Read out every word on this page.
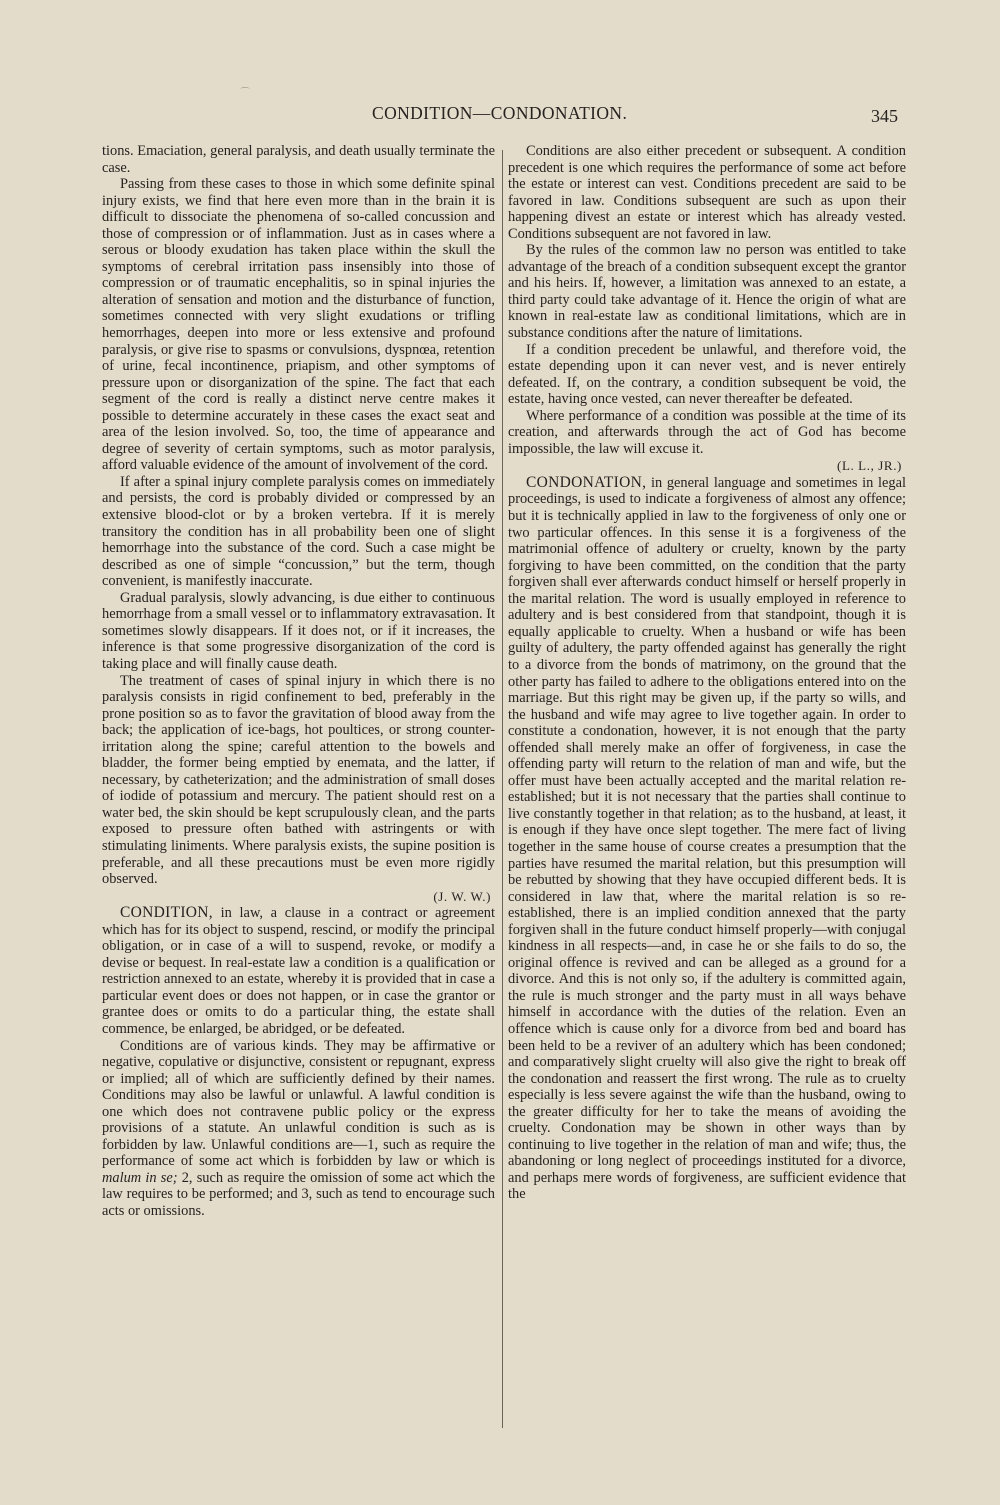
⌒
CONDITION—CONDONATION.	345

tions. Emaciation, general paralysis, and death usually terminate the case.

Passing from these cases to those in which some definite spinal injury exists, we find that here even more than in the brain it is difficult to dissociate the phenomena of so-called concussion and those of compression or of inflammation. Just as in cases where a serous or bloody exudation has taken place within the skull the symptoms of cerebral irritation pass insensibly into those of compression or of traumatic encephalitis, so in spinal injuries the alteration of sensation and motion and the disturbance of function, sometimes connected with very slight exudations or trifling hemorrhages, deepen into more or less extensive and profound paralysis, or give rise to spasms or convulsions, dyspnœa, retention of urine, fecal incontinence, priapism, and other symptoms of pressure upon or disorganization of the spine. The fact that each segment of the cord is really a distinct nerve centre makes it possible to determine accurately in these cases the exact seat and area of the lesion involved. So, too, the time of appearance and degree of severity of certain symptoms, such as motor paralysis, afford valuable evidence of the amount of involvement of the cord.

If after a spinal injury complete paralysis comes on immediately and persists, the cord is probably divided or compressed by an extensive blood-clot or by a broken vertebra. If it is merely transitory the condition has in all probability been one of slight hemorrhage into the substance of the cord. Such a case might be described as one of simple “concussion,” but the term, though convenient, is manifestly inaccurate.

Gradual paralysis, slowly advancing, is due either to continuous hemorrhage from a small vessel or to inflammatory extravasation. It sometimes slowly disappears. If it does not, or if it increases, the inference is that some progressive disorganization of the cord is taking place and will finally cause death.

The treatment of cases of spinal injury in which there is no paralysis consists in rigid confinement to bed, preferably in the prone position so as to favor the gravitation of blood away from the back; the application of ice-bags, hot poultices, or strong counter-irritation along the spine; careful attention to the bowels and bladder, the former being emptied by enemata, and the latter, if necessary, by catheterization; and the administration of small doses of iodide of potassium and mercury. The patient should rest on a water bed, the skin should be kept scrupulously clean, and the parts exposed to pressure often bathed with astringents or with stimulating liniments. Where paralysis exists, the supine position is preferable, and all these precautions must be even more rigidly observed.

(J. W. W.)

CONDITION, in law, a clause in a contract or agreement which has for its object to suspend, rescind, or modify the principal obligation, or in case of a will to suspend, revoke, or modify a devise or bequest. In real-estate law a condition is a qualification or restriction annexed to an estate, whereby it is provided that in case a particular event does or does not happen, or in case the grantor or grantee does or omits to do a particular thing, the estate shall commence, be enlarged, be abridged, or be defeated.

Conditions are of various kinds. They may be affirmative or negative, copulative or disjunctive, consistent or repugnant, express or implied; all of which are sufficiently defined by their names. Conditions may also be lawful or unlawful. A lawful condition is one which does not contravene public policy or the express provisions of a statute. An unlawful condition is such as is forbidden by law. Unlawful conditions are—1, such as require the performance of some act which is forbidden by law or which is malum in se; 2, such as require the omission of some act which the law requires to be performed; and 3, such as tend to encourage such acts or omissions.

Conditions are also either precedent or subsequent. A condition precedent is one which requires the performance of some act before the estate or interest can vest. Conditions precedent are said to be favored in law. Conditions subsequent are such as upon their happening divest an estate or interest which has already vested. Conditions subsequent are not favored in law.

By the rules of the common law no person was entitled to take advantage of the breach of a condition subsequent except the grantor and his heirs. If, however, a limitation was annexed to an estate, a third party could take advantage of it. Hence the origin of what are known in real-estate law as conditional limitations, which are in substance conditions after the nature of limitations.

If a condition precedent be unlawful, and therefore void, the estate depending upon it can never vest, and is never entirely defeated. If, on the contrary, a condition subsequent be void, the estate, having once vested, can never thereafter be defeated.

Where performance of a condition was possible at the time of its creation, and afterwards through the act of God has become impossible, the law will excuse it.

(L. L., JR.)

CONDONATION, in general language and sometimes in legal proceedings, is used to indicate a forgiveness of almost any offence; but it is technically applied in law to the forgiveness of only one or two particular offences. In this sense it is a forgiveness of the matrimonial offence of adultery or cruelty, known by the party forgiving to have been committed, on the condition that the party forgiven shall ever afterwards conduct himself or herself properly in the marital relation. The word is usually employed in reference to adultery and is best considered from that standpoint, though it is equally applicable to cruelty. When a husband or wife has been guilty of adultery, the party offended against has generally the right to a divorce from the bonds of matrimony, on the ground that the other party has failed to adhere to the obligations entered into on the marriage. But this right may be given up, if the party so wills, and the husband and wife may agree to live together again. In order to constitute a condonation, however, it is not enough that the party offended shall merely make an offer of forgiveness, in case the offending party will return to the relation of man and wife, but the offer must have been actually accepted and the marital relation re-established; but it is not necessary that the parties shall continue to live constantly together in that relation; as to the husband, at least, it is enough if they have once slept together. The mere fact of living together in the same house of course creates a presumption that the parties have resumed the marital relation, but this presumption will be rebutted by showing that they have occupied different beds. It is considered in law that, where the marital relation is so re-established, there is an implied condition annexed that the party forgiven shall in the future conduct himself properly—with conjugal kindness in all respects—and, in case he or she fails to do so, the original offence is revived and can be alleged as a ground for a divorce. And this is not only so, if the adultery is committed again, the rule is much stronger and the party must in all ways behave himself in accordance with the duties of the relation. Even an offence which is cause only for a divorce from bed and board has been held to be a reviver of an adultery which has been condoned; and comparatively slight cruelty will also give the right to break off the condonation and reassert the first wrong. The rule as to cruelty especially is less severe against the wife than the husband, owing to the greater difficulty for her to take the means of avoiding the cruelty. Condonation may be shown in other ways than by continuing to live together in the relation of man and wife; thus, the abandoning or long neglect of proceedings instituted for a divorce, and perhaps mere words of forgiveness, are sufficient evidence that the
